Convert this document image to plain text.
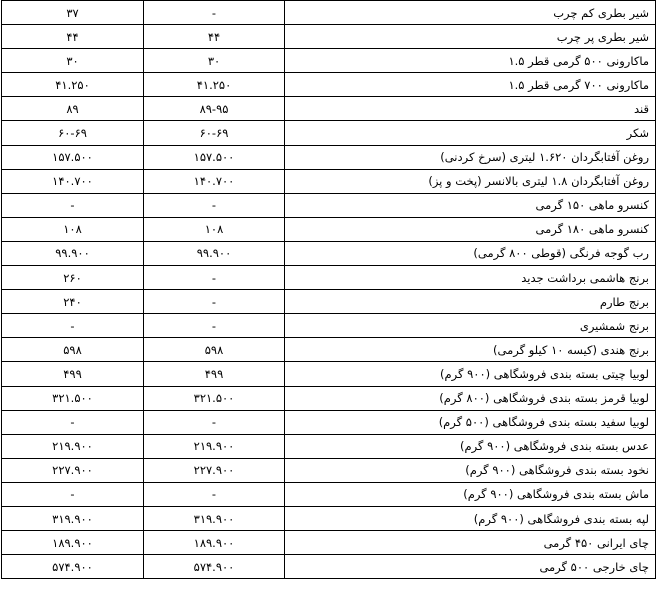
شیر بطری کم چرب	-	۳۷
شیر بطری پر چرب	۴۴	۴۴
ماکارونی ۵۰۰ گرمی قطر ۱.۵	۳۰	۳۰
ماکارونی ۷۰۰ گرمی قطر ۱.۵	۴۱.۲۵۰	۴۱.۲۵۰
قند	۸۹-۹۵	۸۹
شکر	۶۰-۶۹	۶۰-۶۹
روغن آفتابگردان ۱.۶۲۰ لیتری (سرخ کردنی)	۱۵۷.۵۰۰	۱۵۷.۵۰۰
روغن آفتابگردان ۱.۸ لیتری بالانسر (پخت و پز)	۱۴۰.۷۰۰	۱۴۰.۷۰۰
کنسرو ماهی ۱۵۰ گرمی	-	-
کنسرو ماهی ۱۸۰ گرمی	۱۰۸	۱۰۸
رب گوجه فرنگی (قوطی ۸۰۰ گرمی)	۹۹.۹۰۰	۹۹.۹۰۰
برنج هاشمی برداشت جدید	-	۲۶۰
برنج طارم	-	۲۴۰
برنج شمشیری	-	-
برنج هندی (کیسه ۱۰ کیلو گرمی)	۵۹۸	۵۹۸
لوبیا چیتی بسته بندی فروشگاهی (۹۰۰ گرم)	۴۹۹	۴۹۹
لوبیا قرمز بسته بندی فروشگاهی (۸۰۰ گرم)	۳۲۱.۵۰۰	۳۲۱.۵۰۰
لوبیا سفید بسته بندی فروشگاهی (۵۰۰ گرم)	-	-
عدس بسته بندی فروشگاهی (۹۰۰ گرم)	۲۱۹.۹۰۰	۲۱۹.۹۰۰
نخود بسته بندی فروشگاهی (۹۰۰ گرم)	۲۲۷.۹۰۰	۲۲۷.۹۰۰
ماش بسته بندی فروشگاهی (۹۰۰ گرم)	-	-
لپه بسته بندی فروشگاهی (۹۰۰ گرم)	۳۱۹.۹۰۰	۳۱۹.۹۰۰
چای ایرانی ۴۵۰ گرمی	۱۸۹.۹۰۰	۱۸۹.۹۰۰
چای خارجی ۵۰۰ گرمی	۵۷۴.۹۰۰	۵۷۴.۹۰۰
